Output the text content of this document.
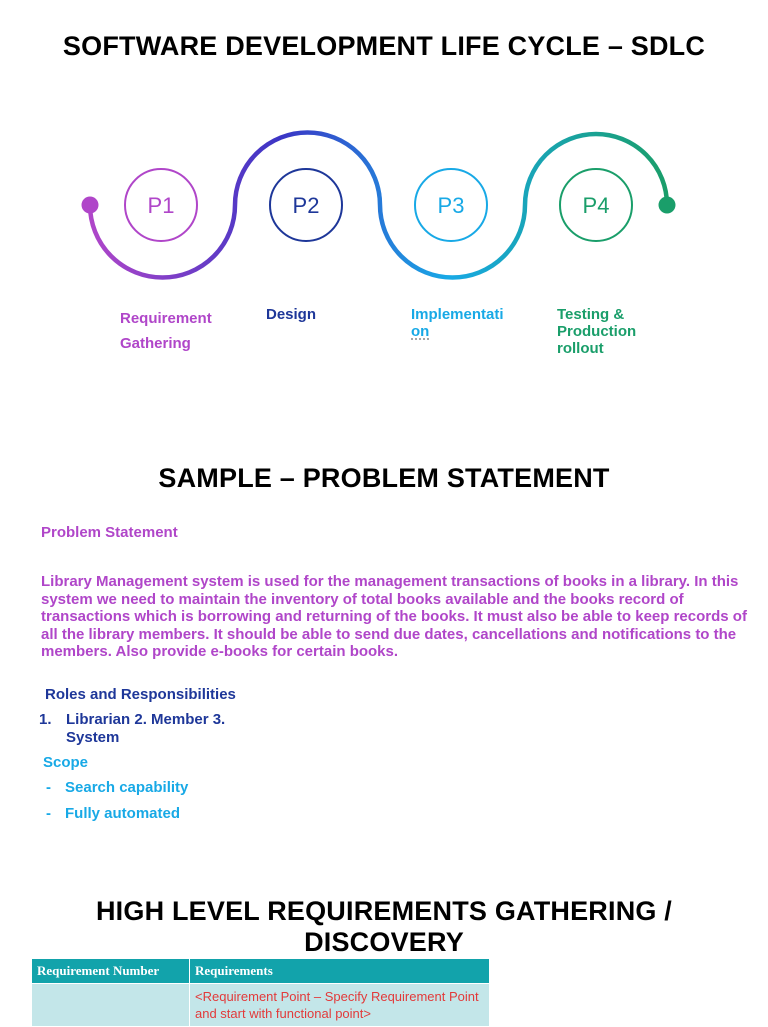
SOFTWARE DEVELOPMENT LIFE CYCLE – SDLC
P1	P2	P3	P4
Requirement
Gathering
Design	Implementati
on
Testing &
Production
rollout
SAMPLE – PROBLEM STATEMENT
Problem Statement
Library Management system is used for the management transactions of books in a library. In this system we need to maintain the inventory of total books available and the books record of transactions which is borrowing and returning of the books. It must also be able to keep records of all the library members. It should be able to send due dates, cancellations and notifications to the members. Also provide e-books for certain books.
Roles and Responsibilities
1. Librarian 2. Member 3.
System
Scope
- Search capability
- Fully automated
HIGH LEVEL REQUIREMENTS GATHERING /
DISCOVERY
Requirement Number	Requirements
	<Requirement Point – Specify Requirement Point and start with functional point>
